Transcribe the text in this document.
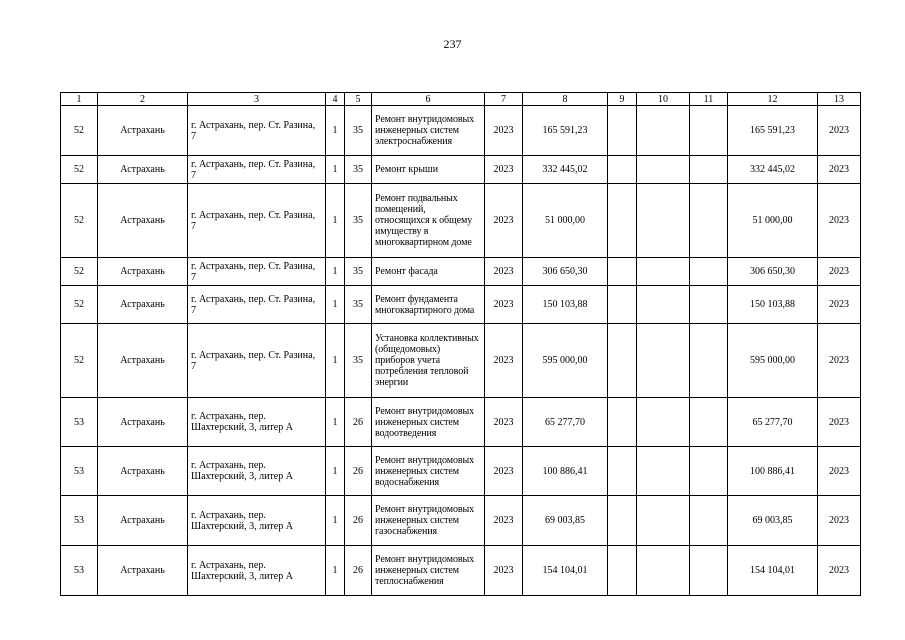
237
1	2	3	4	5	6	7	8	9	10	11	12	13
52	Астрахань	г. Астрахань, пер. Ст. Разина, 7	1	35	Ремонт внутридомовых инженерных систем электроснабжения	2023	165 591,23				165 591,23	2023
52	Астрахань	г. Астрахань, пер. Ст. Разина, 7	1	35	Ремонт крыши	2023	332 445,02				332 445,02	2023
52	Астрахань	г. Астрахань, пер. Ст. Разина, 7	1	35	Ремонт подвальных помещений, относящихся к общему имуществу в многоквартирном доме	2023	51 000,00				51 000,00	2023
52	Астрахань	г. Астрахань, пер. Ст. Разина, 7	1	35	Ремонт фасада	2023	306 650,30				306 650,30	2023
52	Астрахань	г. Астрахань, пер. Ст. Разина, 7	1	35	Ремонт фундамента многоквартирного дома	2023	150 103,88				150 103,88	2023
52	Астрахань	г. Астрахань, пер. Ст. Разина, 7	1	35	Установка коллективных (общедомовых) приборов учета потребления тепловой энергии	2023	595 000,00				595 000,00	2023
53	Астрахань	г. Астрахань, пер. Шахтерский, 3, литер А	1	26	Ремонт внутридомовых инженерных систем водоотведения	2023	65 277,70				65 277,70	2023
53	Астрахань	г. Астрахань, пер. Шахтерский, 3, литер А	1	26	Ремонт внутридомовых инженерных систем водоснабжения	2023	100 886,41				100 886,41	2023
53	Астрахань	г. Астрахань, пер. Шахтерский, 3, литер А	1	26	Ремонт внутридомовых инженерных систем газоснабжения	2023	69 003,85				69 003,85	2023
53	Астрахань	г. Астрахань, пер. Шахтерский, 3, литер А	1	26	Ремонт внутридомовых инженерных систем теплоснабжения	2023	154 104,01				154 104,01	2023
